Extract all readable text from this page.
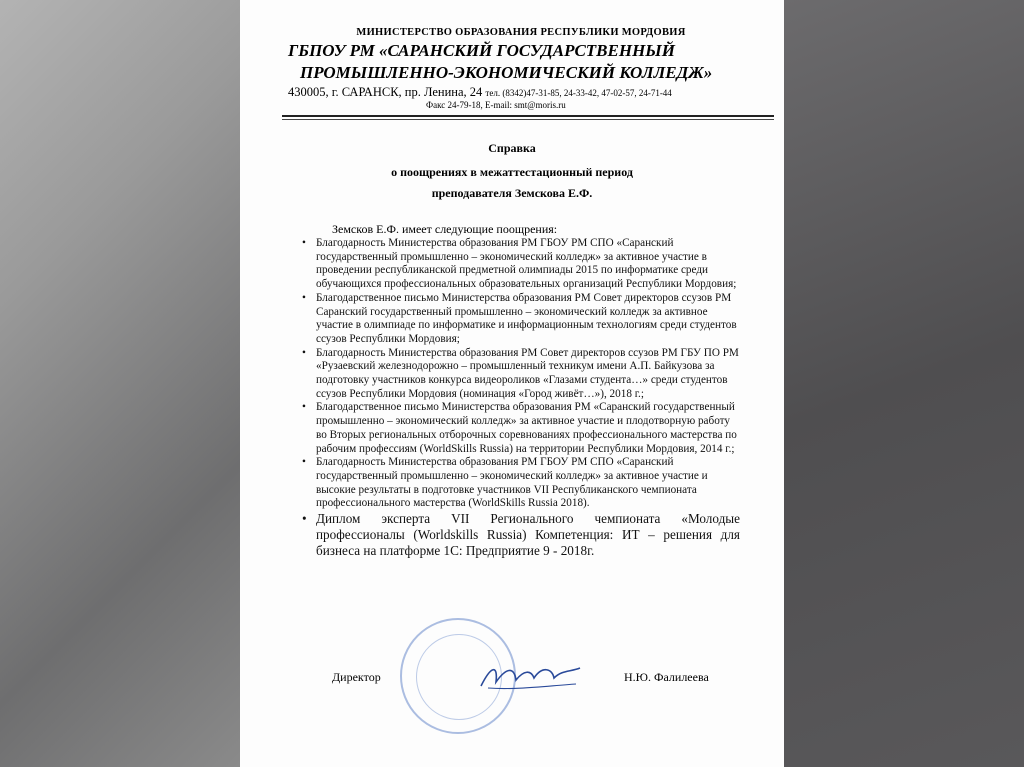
МИНИСТЕРСТВО ОБРАЗОВАНИЯ РЕСПУБЛИКИ МОРДОВИЯ
ГБПОУ РМ «САРАНСКИЙ ГОСУДАРСТВЕННЫЙ
ПРОМЫШЛЕННО-ЭКОНОМИЧЕСКИЙ КОЛЛЕДЖ»
430005, г. САРАНСК, пр. Ленина, 24 тел. (8342)47-31-85, 24-33-42, 47-02-57, 24-71-44
Факс 24-79-18, E-mail: smt@moris.ru
Справка
о поощрениях в межаттестационный период
преподавателя Земскова Е.Ф.
Земсков Е.Ф. имеет следующие поощрения:
• Благодарность Министерства образования РМ ГБОУ РМ СПО «Саранский государственный промышленно – экономический колледж» за активное участие в проведении республиканской предметной олимпиады 2015 по информатике среди обучающихся профессиональных образовательных организаций Республики Мордовия;
• Благодарственное письмо Министерства образования РМ Совет директоров ссузов РМ Саранский государственный промышленно – экономический колледж за активное участие в олимпиаде по информатике и информационным технологиям среди студентов ссузов Республики Мордовия;
• Благодарность Министерства образования РМ Совет директоров ссузов РМ ГБУ ПО РМ «Рузаевский железнодорожно – промышленный техникум имени А.П. Байкузова за подготовку участников конкурса видеороликов «Глазами студента…» среди студентов ссузов Республики Мордовия (номинация «Город живёт…»), 2018 г.;
• Благодарственное письмо Министерства образования РМ «Саранский государственный промышленно – экономический колледж» за активное участие и плодотворную работу во Вторых региональных отборочных соревнованиях профессионального мастерства по рабочим профессиям (WorldSkills Russia) на территории Республики Мордовия, 2014 г.;
• Благодарность Министерства образования РМ ГБОУ РМ СПО «Саранский государственный промышленно – экономический колледж» за активное участие и высокие результаты в подготовке участников VII Республиканского чемпионата профессионального мастерства (WorldSkills Russia 2018).
• Диплом эксперта VII Регионального чемпионата «Молодые профессионалы (Worldskills Russia) Компетенция: ИТ – решения для бизнеса на платформе 1С: Предприятие 9 - 2018г.
Директор	Н.Ю. Фалилеева
